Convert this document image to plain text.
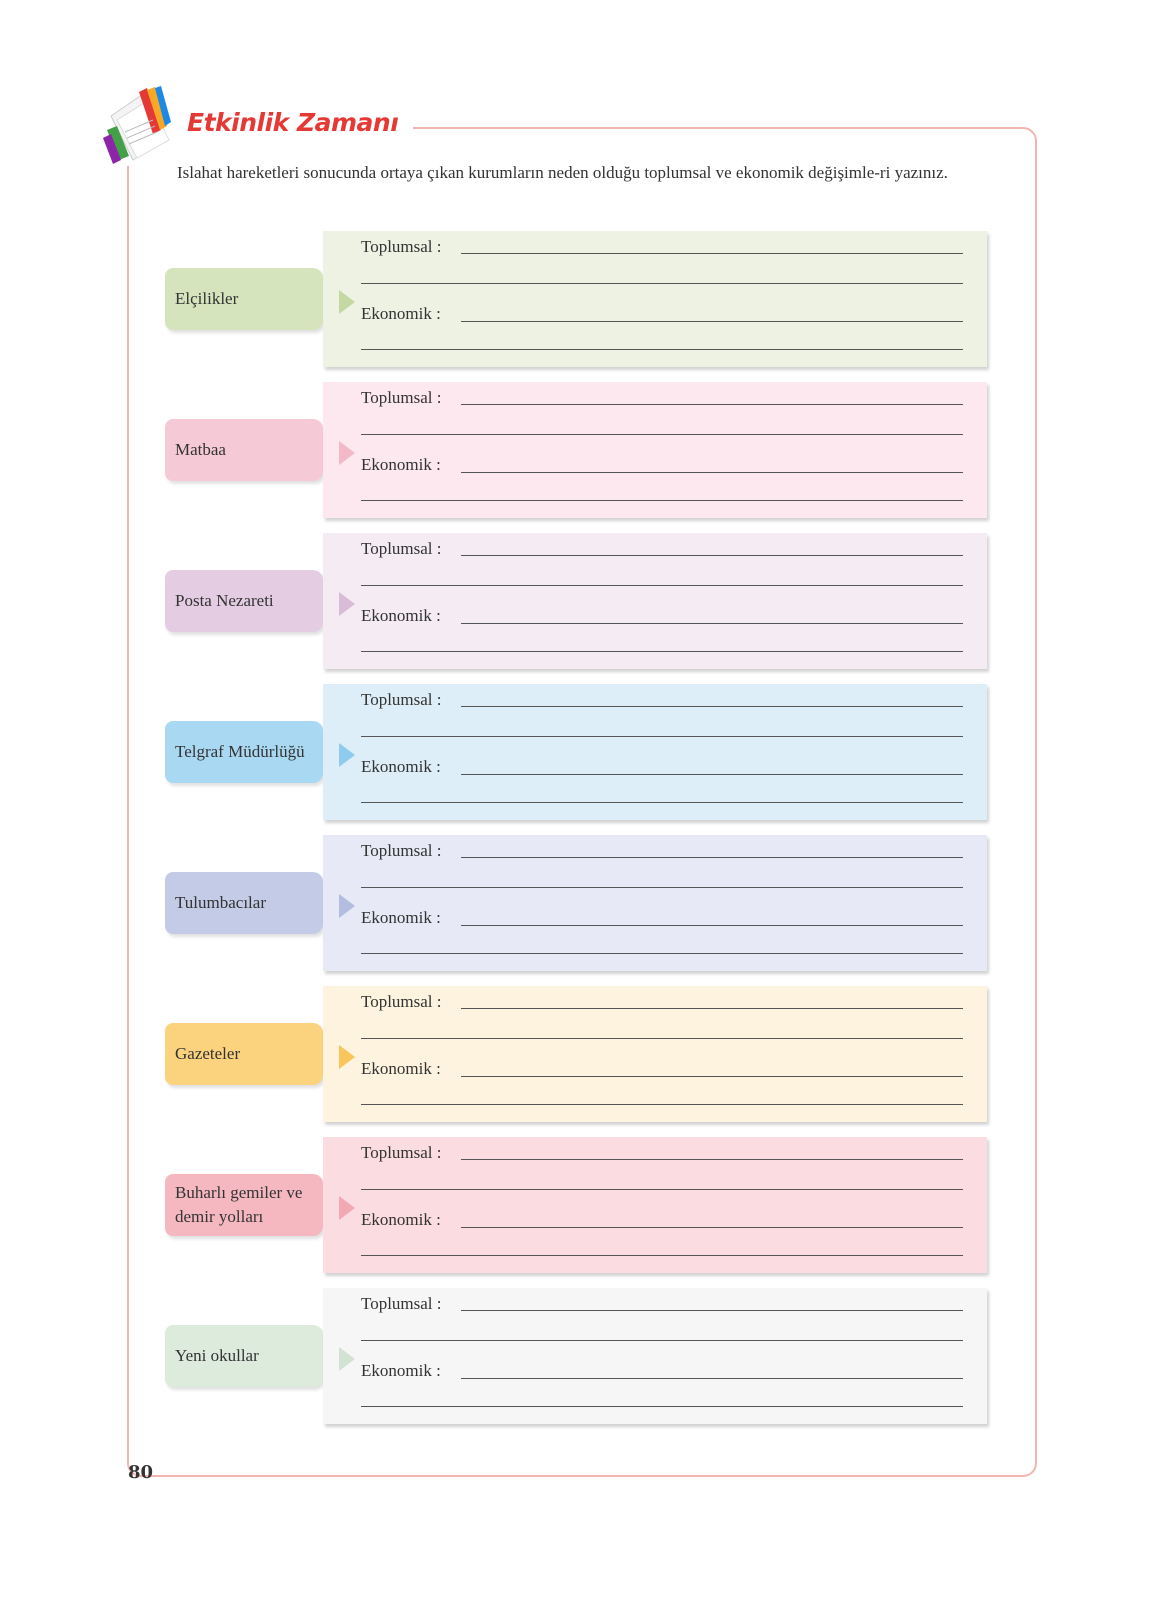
Etkinlik Zamanı
Islahat hareketleri sonucunda ortaya çıkan kurumların neden olduğu toplumsal ve ekonomik değişimle-ri yazınız.
Elçilikler
Toplumsal :
Ekonomik :
Matbaa
Toplumsal :
Ekonomik :
Posta Nezareti
Toplumsal :
Ekonomik :
Telgraf Müdürlüğü
Toplumsal :
Ekonomik :
Tulumbacılar
Toplumsal :
Ekonomik :
Gazeteler
Toplumsal :
Ekonomik :
Buharlı gemiler ve demir yolları
Toplumsal :
Ekonomik :
Yeni okullar
Toplumsal :
Ekonomik :
80
